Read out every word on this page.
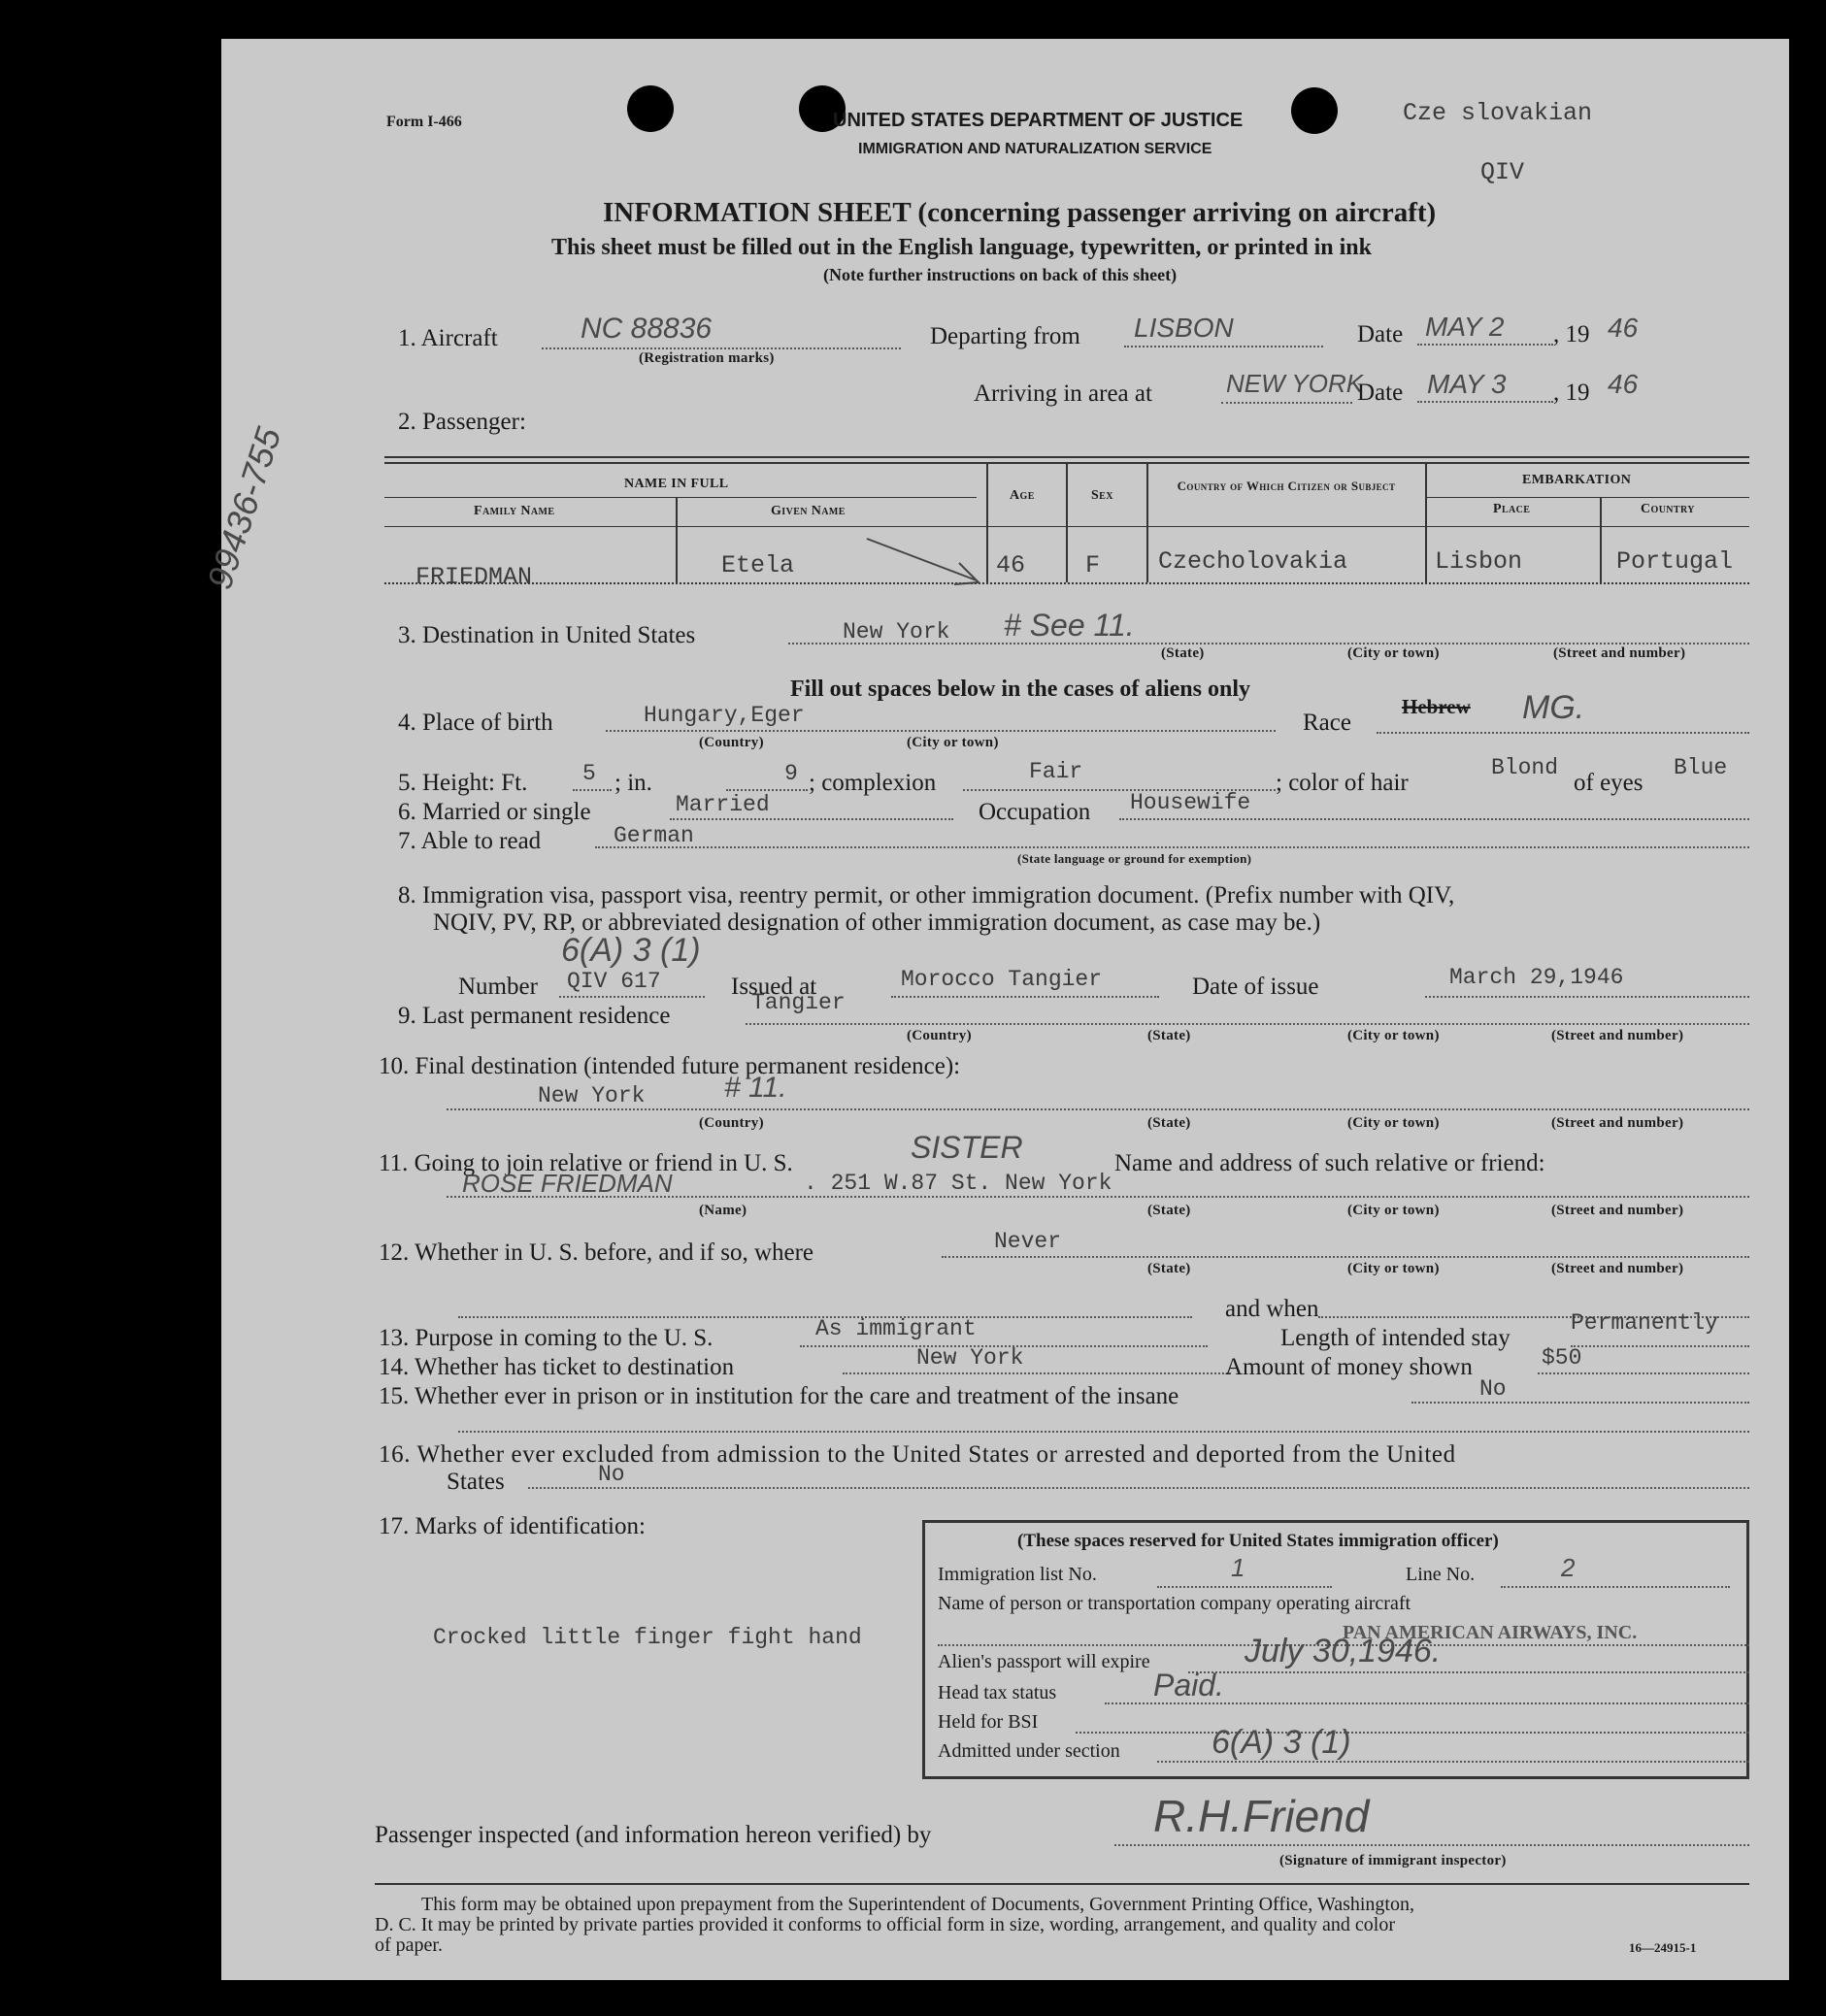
Form I-466	UNITED STATES DEPARTMENT OF JUSTICE
IMMIGRATION AND NATURALIZATION SERVICE
Cze slovakian
QIV
INFORMATION SHEET (concerning passenger arriving on aircraft)
This sheet must be filled out in the English language, typewritten, or printed in ink
(Note further instructions on back of this sheet)
99436-755
1. Aircraft	NC 88836
(Registration marks)
Departing from LISBON	Date MAY 2 , 19 46
Arriving in area at	NEW YORK
Date MAY 3 , 19 46
2. Passenger:
NAME IN FULL
Family Name	Given Name
Age	Sex
Country of Which Citizen or Subject	EMBARKATION
Place	Country
FRIEDMAN	Etela	46 F Czecholovakia	Lisbon	Portugal
3. Destination in United States	New York # See 11.
(State)	(City or town)	(Street and number)
Fill out spaces below in the cases of aliens only
4. Place of birth	Hungary,Eger
(Country)	(City or town)
Race
Hebrew MG.
5. Height: Ft. 5 ; in.	9 ; complexion	Fair	; color of hair
Blond
of eyes
Blue
6. Married or single	Married	Occupation Housewife
7. Able to read	German
(State language or ground for exemption)
8. Immigration visa, passport visa, reentry permit, or other immigration document. (Prefix number with QIV,
NQIV, PV, RP, or abbreviated designation of other immigration document, as case may be.)
6(A) 3 (1)
Number QIV 617	Issued at	Morocco Tangier	Date of issue	March 29,1946
9. Last permanent residence	Tangier
(Country)	(State)	(City or town)	(Street and number)
10. Final destination (intended future permanent residence):
New York	# 11.
(Country)	(State)	(City or town)	(Street and number)
11. Going to join relative or friend in U. S.	SISTER	Name and address of such relative or friend:
ROSE FRIEDMAN	. 251 W.87 St. New York
(Name)	(State)	(City or town)	(Street and number)
12. Whether in U. S. before, and if so, where	Never
(State)	(City or town)	(Street and number)
and when
13. Purpose in coming to the U. S.	As immigrant	Length of intended stay
Permanently
14. Whether has ticket to destination	New York	Amount of money shown	$50
15. Whether ever in prison or in institution for the care and treatment of the insane	No
16. Whether ever excluded from admission to the United States or arrested and deported from the United
States	No
17. Marks of identification:
Crocked little finger fight hand
(These spaces reserved for United States immigration officer)
Immigration list No.	1	Line No.	2
Name of person or transportation company operating aircraft
PAN AMERICAN AIRWAYS, INC.
Alien's passport will expire	July 30,1946.
Head tax status	Paid.
Held for BSI
Admitted under section	6(A) 3 (1)
Passenger inspected (and information hereon verified) by	R.H.Friend
(Signature of immigrant inspector)
This form may be obtained upon prepayment from the Superintendent of Documents, Government Printing Office, Washington,
D. C. It may be printed by private parties provided it conforms to official form in size, wording, arrangement, and quality and color
of paper.	16—24915-1
